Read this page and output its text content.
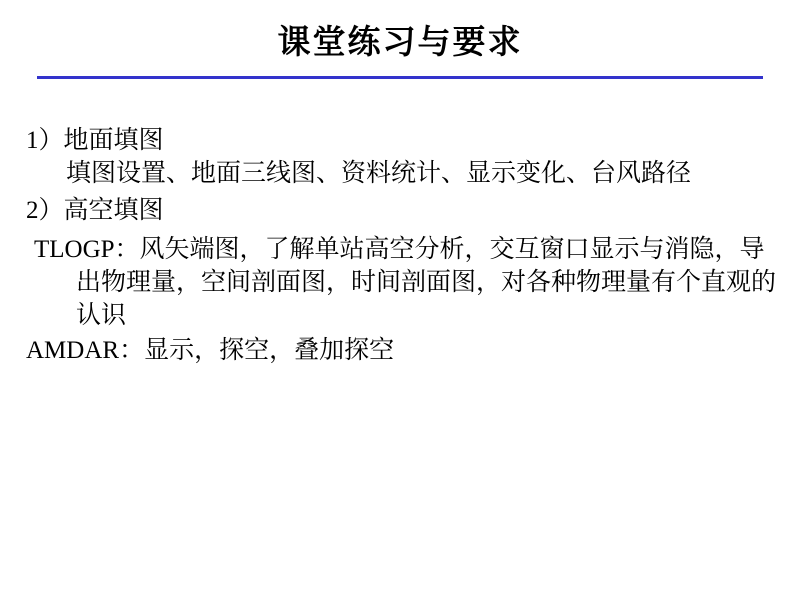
课堂练习与要求

1）地面填图

填图设置、地面三线图、资料统计、显示变化、台风路径

2）高空填图

TLOGP：风矢端图，了解单站高空分析，交互窗口显示与消隐，导出物理量，空间剖面图，时间剖面图，对各种物理量有个直观的认识

AMDAR：显示，探空，叠加探空
